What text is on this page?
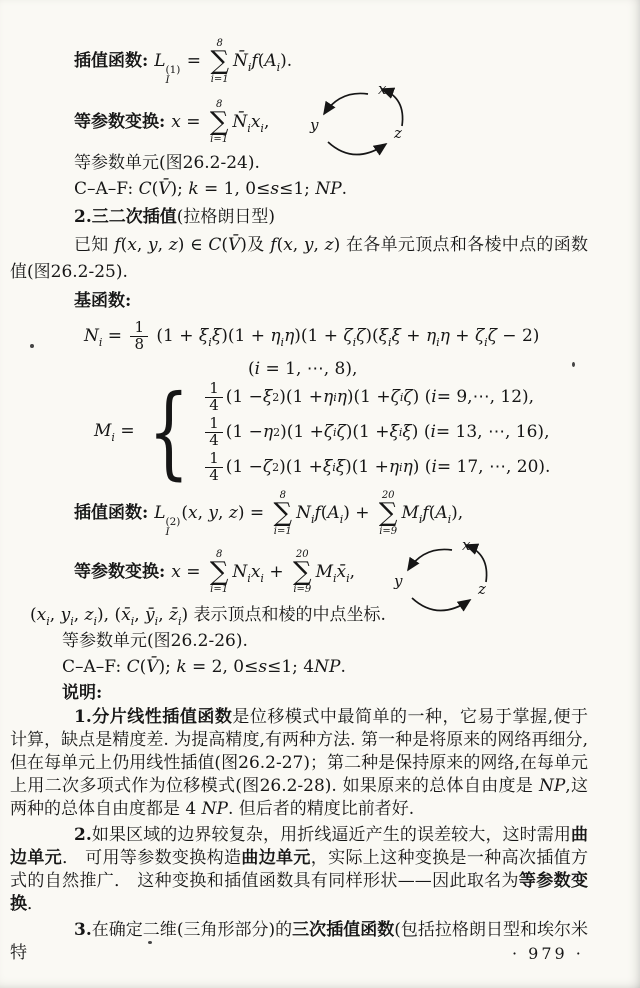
插值函数: L (1)
I
=
8
∑
i=1
$N̄_if(A_i)$.
等参数变换: x =
8
∑
i=1
$N̄_ix_i$,
x
y	z
等参数单元(图26.2-24).
C–A–F: C(V̄); k = 1, 0≤s≤1; NP.
2.三二次插值(拉格朗日型)

已知 f(x, y, z) ∈ C(V̄)及 f(x, y, z) 在各单元顶点和各棱中点的函数值(图26.2-25).

基函数:
$N_i = \frac{1}{8} (1 + \xi_i\xi)(1 + \eta_i\eta)(1 + \zeta_i\zeta)(\xi_i\xi + \eta_i\eta + \zeta_i\zeta - 2)$
(i = 1, ⋯, 8),
$M_i$ = { $\frac{1}{4} (1 - \xi$ 2 )(1 + η i η )(1 + ζ i ζ ) ( i = 9,⋯, 12),
$\frac{1}{4} (1 - \eta$ 2 )(1 + ζ i ζ )(1 + ξ i ξ ) ( i = 13, ⋯, 16),
$\frac{1}{4} (1 - \zeta$ 2 )(1 + ξ i ξ )(1 + η i η ) ( i = 17, ⋯, 20).
插值函数: L (2)
I
(x, y, z) =
8
∑
i=1
$N_if(A_i)$ +
20
∑
i=9
$M_if(A_i)$,
等参数变换: x =
8
∑
i=1
$N_ix_i$ +
20
∑
i=9
$M_ix̄_i$,
x
y	z
($x_i$, $y_i$, $z_i$), ($x̄_i$, $ȳ_i$, $z̄_i$) 表示顶点和棱的中点坐标.
等参数单元(图26.2-26).
C–A–F: C(V̄); k = 2, 0≤s≤1; 4NP.
说明:

1.分片线性插值函数是位移模式中最简单的一种，它易于掌握,便于计算，缺点是精度差. 为提高精度,有两种方法. 第一种是将原来的网络再细分,但在每单元上仍用线性插值(图26.2-27)；第二种是保持原来的网络,在每单元上用二次多项式作为位移模式(图26.2-28). 如果原来的总体自由度是 NP,这两种的总体自由度都是 4 NP. 但后者的精度比前者好.

2.如果区域的边界较复杂，用折线逼近产生的误差较大，这时需用曲边单元． 可用等参数变换构造曲边单元，实际上这种变换是一种高次插值方式的自然推广． 这种变换和插值函数具有同样形状——因此取名为等参数变换．

3.在确定二维(三角形部分)的三次插值函数(包括拉格朗日型和埃尔米特	· 979 ·
